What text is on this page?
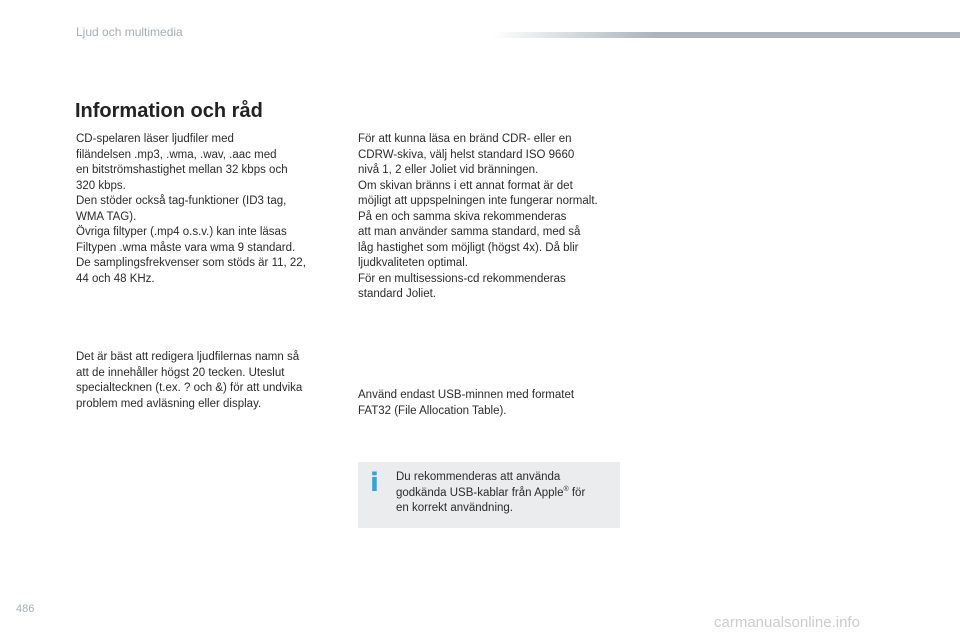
Ljud och multimedia
Information och råd

CD-spelaren läser ljudfiler med
filändelsen .mp3, .wma, .wav, .aac med
en bitströmshastighet mellan 32 kbps och
320 kbps.
Den stöder också tag-funktioner (ID3 tag,
WMA TAG).
Övriga filtyper (.mp4 o.s.v.) kan inte läsas
Filtypen .wma måste vara wma 9 standard.
De samplingsfrekvenser som stöds är 11, 22,
44 och 48 KHz.

Det är bäst att redigera ljudfilernas namn så
att de innehåller högst 20 tecken. Uteslut
specialtecknen (t.ex. ? och &) för att undvika
problem med avläsning eller display.

För att kunna läsa en bränd CDR- eller en
CDRW-skiva, välj helst standard ISO 9660
nivå 1, 2 eller Joliet vid bränningen.
Om skivan bränns i ett annat format är det
möjligt att uppspelningen inte fungerar normalt.
På en och samma skiva rekommenderas
att man använder samma standard, med så
låg hastighet som möjligt (högst 4x). Då blir
ljudkvaliteten optimal.
För en multisessions-cd rekommenderas
standard Joliet.

Använd endast USB-minnen med formatet
FAT32 (File Allocation Table).

i Du rekommenderas att använda
godkända USB-kablar från Apple® för
en korrekt användning.

486
carmanualsonline.info
